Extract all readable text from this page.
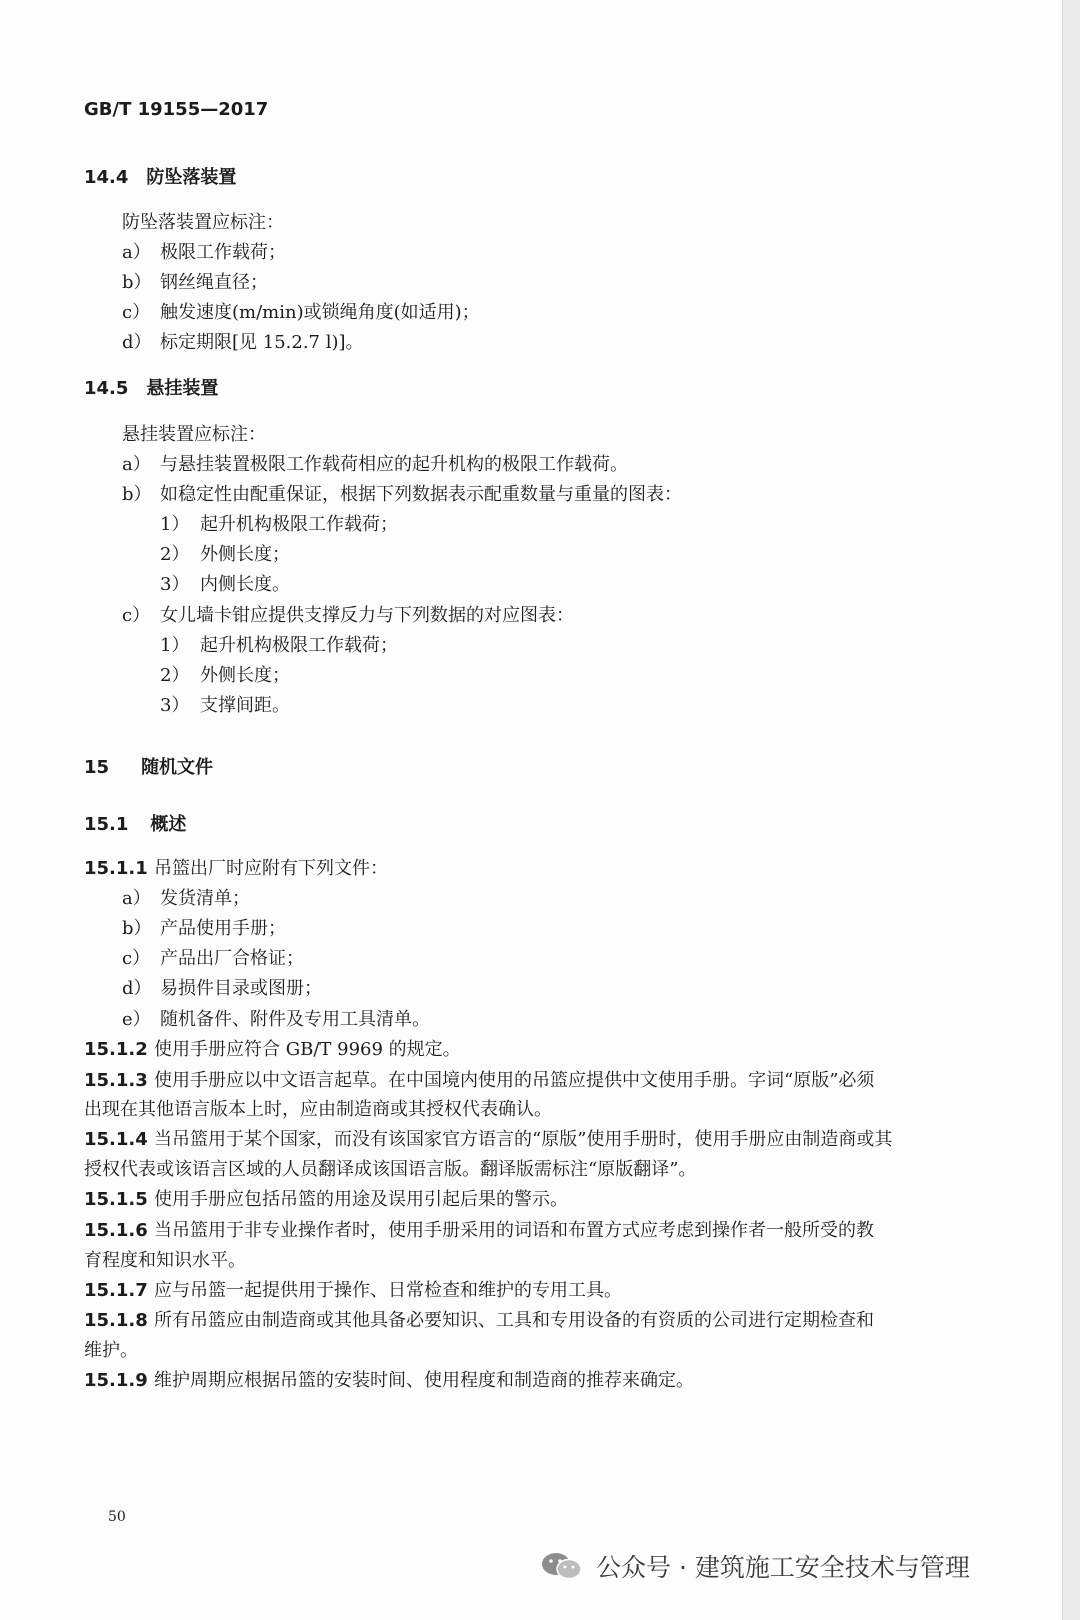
GB/T 19155—2017
14.4 防坠落装置
防坠落装置应标注：
a） 极限工作载荷；
b） 钢丝绳直径；
c） 触发速度(m/min)或锁绳角度(如适用)；
d） 标定期限[见 15.2.7 l)]。
14.5 悬挂装置
悬挂装置应标注：
a） 与悬挂装置极限工作载荷相应的起升机构的极限工作载荷。
b） 如稳定性由配重保证，根据下列数据表示配重数量与重量的图表：
1） 起升机构极限工作载荷；
2） 外侧长度；
3） 内侧长度。
c） 女儿墙卡钳应提供支撑反力与下列数据的对应图表：
1） 起升机构极限工作载荷；
2） 外侧长度；
3） 支撑间距。
15 随机文件
15.1 概述
15.1.1 吊篮出厂时应附有下列文件：
a） 发货清单；
b） 产品使用手册；
c） 产品出厂合格证；
d） 易损件目录或图册；
e） 随机备件、附件及专用工具清单。
15.1.2 使用手册应符合 GB/T 9969 的规定。
15.1.3 使用手册应以中文语言起草。在中国境内使用的吊篮应提供中文使用手册。字词“原版”必须
出现在其他语言版本上时，应由制造商或其授权代表确认。
15.1.4 当吊篮用于某个国家，而没有该国家官方语言的“原版”使用手册时，使用手册应由制造商或其
授权代表或该语言区域的人员翻译成该国语言版。翻译版需标注“原版翻译”。
15.1.5 使用手册应包括吊篮的用途及误用引起后果的警示。
15.1.6 当吊篮用于非专业操作者时，使用手册采用的词语和布置方式应考虑到操作者一般所受的教
育程度和知识水平。
15.1.7 应与吊篮一起提供用于操作、日常检查和维护的专用工具。
15.1.8 所有吊篮应由制造商或其他具备必要知识、工具和专用设备的有资质的公司进行定期检查和
维护。
15.1.9 维护周期应根据吊篮的安装时间、使用程度和制造商的推荐来确定。
50
公众号 · 建筑施工安全技术与管理
